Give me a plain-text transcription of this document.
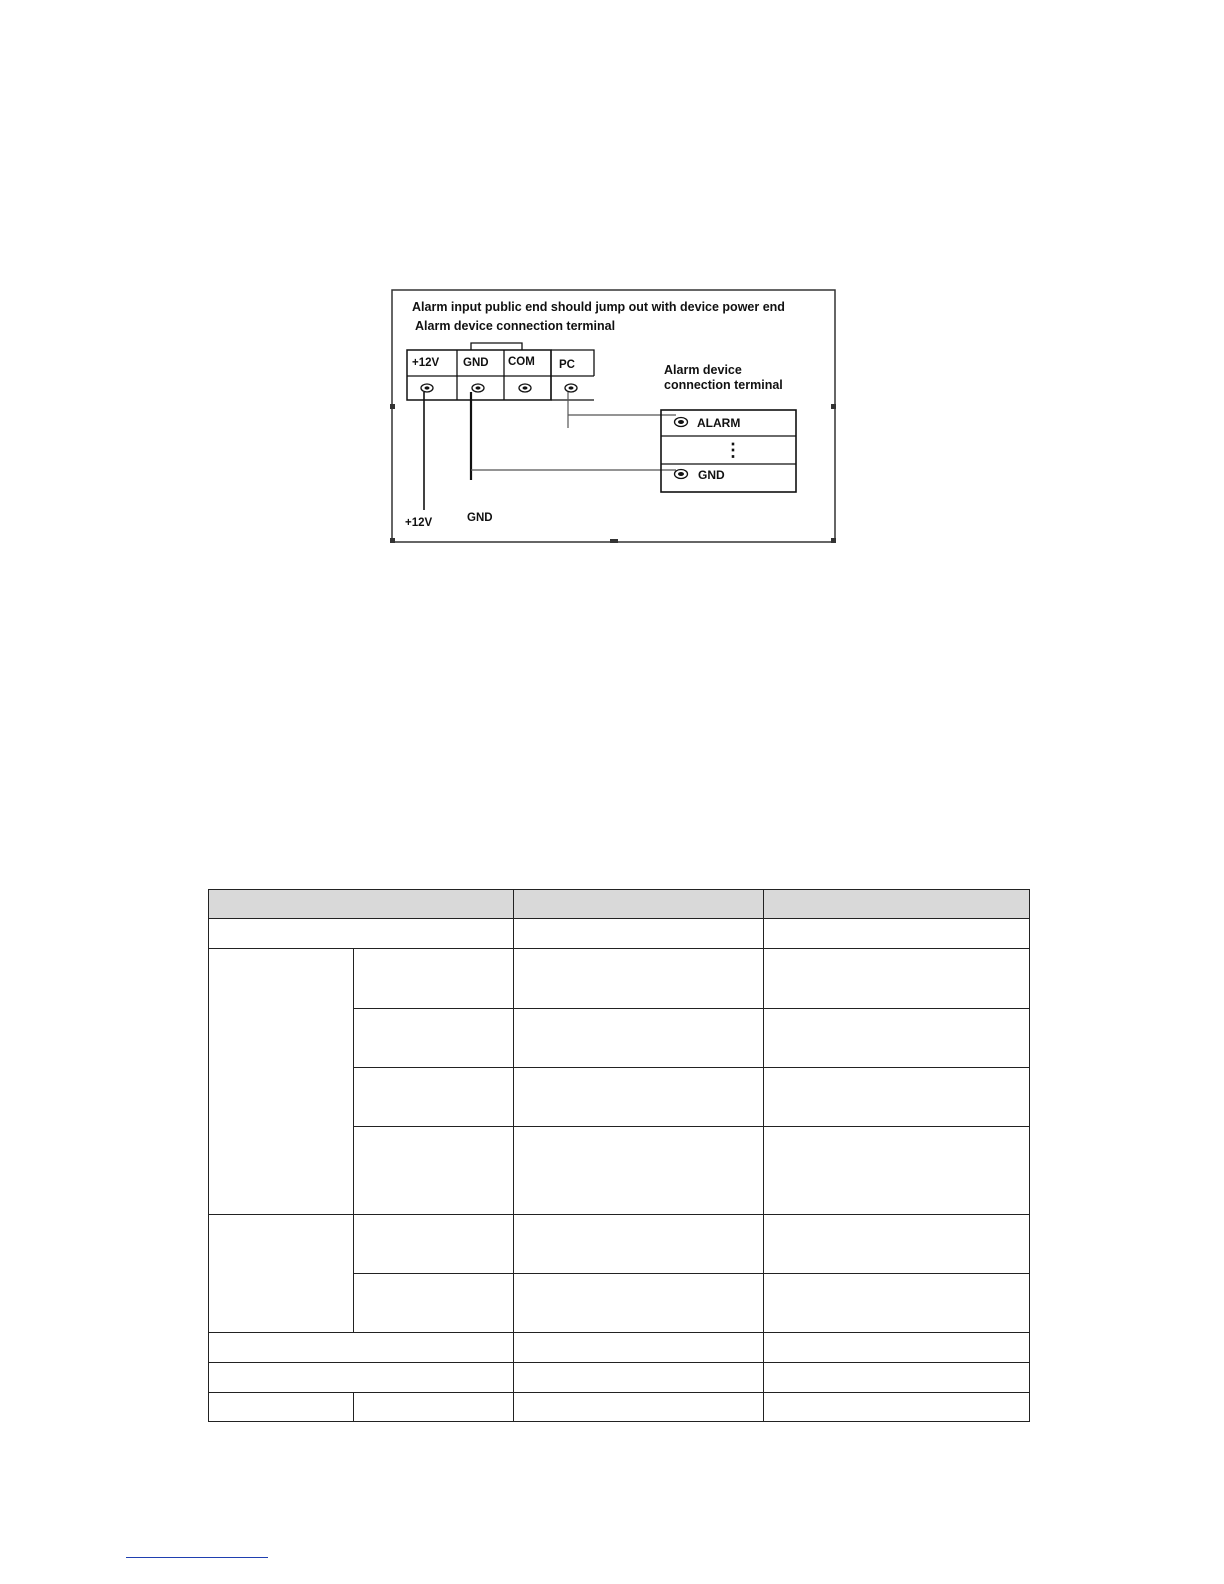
Alarm input public end should jump out with device power end
Alarm device connection terminal
+12V GND COM PC	Alarm device
connection terminal
ALARM
⋮
GND
+12V	GND
